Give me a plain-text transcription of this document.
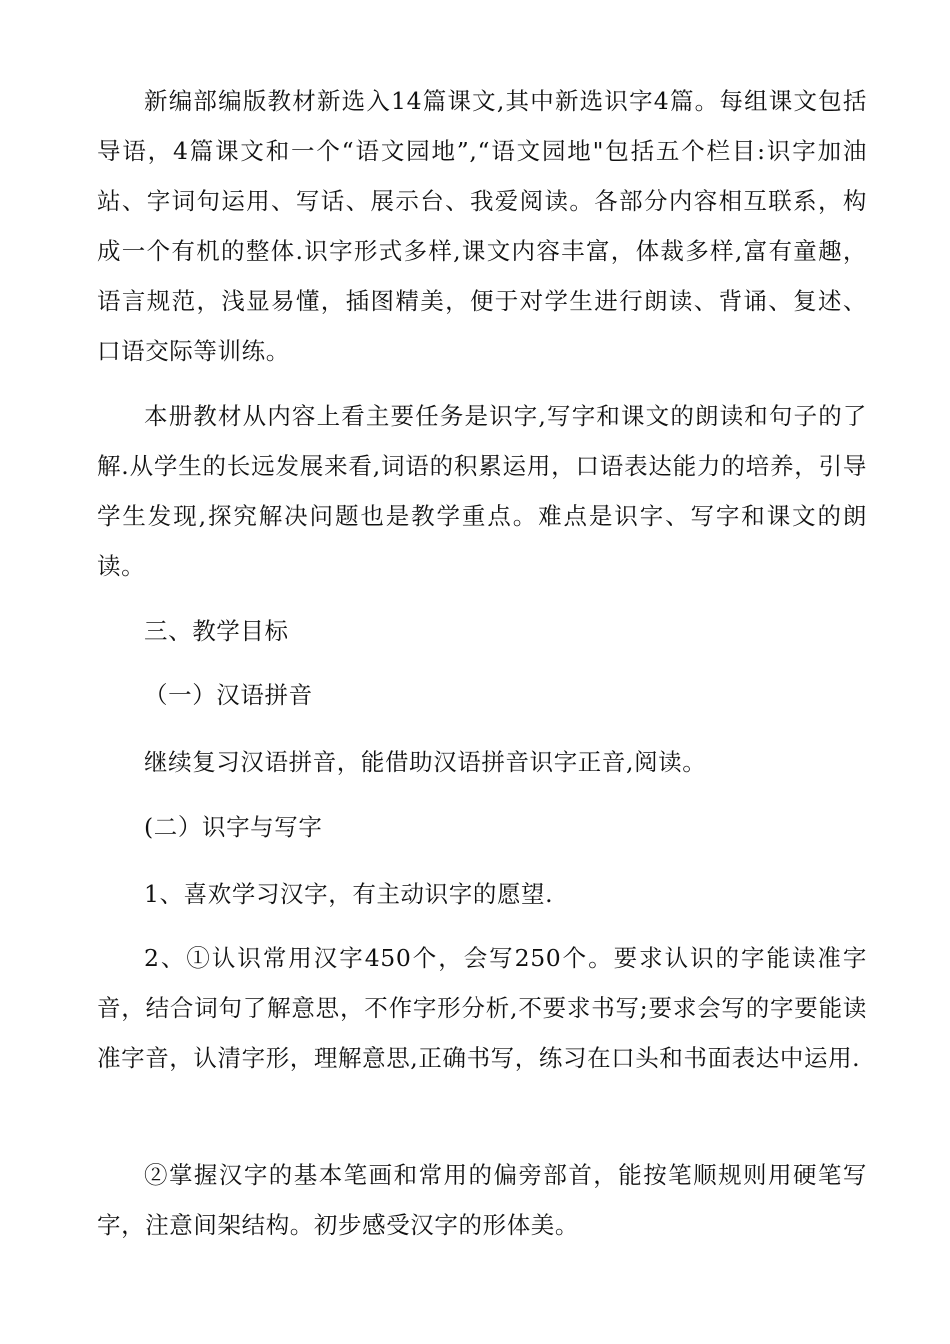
新编部编版教材新选入14篇课文,其中新选识字4篇。每组课文包括导语，4篇课文和一个“语文园地”,“语文园地"包括五个栏目:识字加油站、字词句运用、写话、展示台、我爱阅读。各部分内容相互联系，构成一个有机的整体.识字形式多样,课文内容丰富，体裁多样,富有童趣，语言规范，浅显易懂，插图精美，便于对学生进行朗读、背诵、复述、口语交际等训练。

本册教材从内容上看主要任务是识字,写字和课文的朗读和句子的了解.从学生的长远发展来看,词语的积累运用，口语表达能力的培养，引导学生发现,探究解决问题也是教学重点。难点是识字、写字和课文的朗读。

三、教学目标

（一）汉语拼音

继续复习汉语拼音，能借助汉语拼音识字正音,阅读。

(二）识字与写字

1、喜欢学习汉字，有主动识字的愿望.

2、①认识常用汉字450个，会写250个。要求认识的字能读准字音，结合词句了解意思，不作字形分析,不要求书写;要求会写的字要能读准字音，认清字形，理解意思,正确书写，练习在口头和书面表达中运用.

②掌握汉字的基本笔画和常用的偏旁部首，能按笔顺规则用硬笔写字，注意间架结构。初步感受汉字的形体美。
